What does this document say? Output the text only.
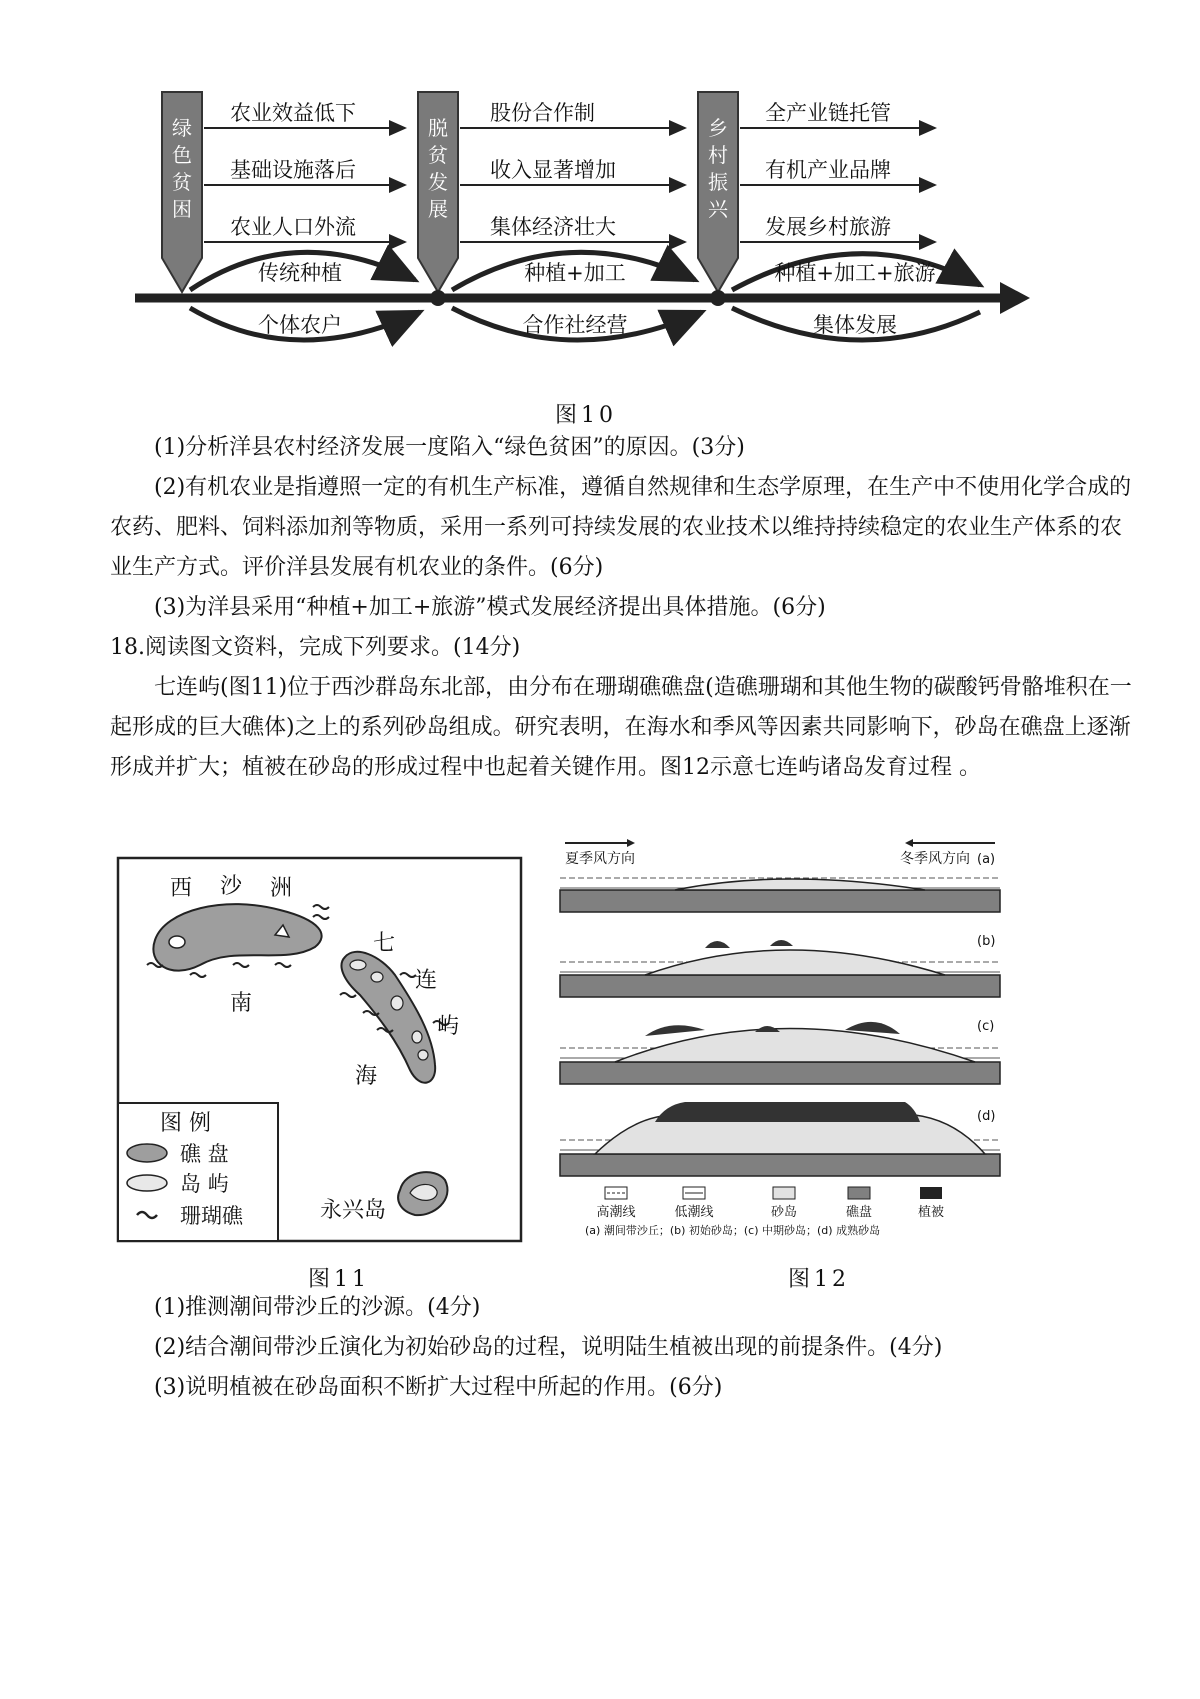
绿
色
贫
困
脱
贫
发
展
乡
村
振
兴
农业效益低下
基础设施落后
农业人口外流
股份合作制
收入显著增加
集体经济壮大
全产业链托管
有机产业品牌
发展乡村旅游
传统种植
个体农户
种植+加工
合作社经营
种植+加工+旅游
集体发展
图10
(1)分析洋县农村经济发展一度陷入“绿色贫困”的原因。(3分)
(2)有机农业是指遵照一定的有机生产标准，遵循自然规律和生态学原理，在生产中不使用化学合成的农药、肥料、饲料添加剂等物质，采用一系列可持续发展的农业技术以维持持续稳定的农业生产体系的农业生产方式。评价洋县发展有机农业的条件。(6分)
(3)为洋县采用“种植+加工+旅游”模式发展经济提出具体措施。(6分)
18.阅读图文资料，完成下列要求。(14分)
七连屿(图11)位于西沙群岛东北部，由分布在珊瑚礁礁盘(造礁珊瑚和其他生物的碳酸钙骨骼堆积在一起形成的巨大礁体)之上的系列砂岛组成。研究表明，在海水和季风等因素共同影响下，砂岛在礁盘上逐渐形成并扩大；植被在砂岛的形成过程中也起着关键作用。图12示意七连屿诸岛发育过程 。
西 沙 洲
七
连
屿
南
海
永兴岛
图 例
礁 盘
岛 屿
珊瑚礁
夏季风方向	冬季风方向 (a)
(b)
(c)
(d)
高潮线	低潮线	砂岛	礁盘	植被
(a) 潮间带沙丘；(b) 初始砂岛；(c) 中期砂岛；(d) 成熟砂岛
图11	图12
(1)推测潮间带沙丘的沙源。(4分)
(2)结合潮间带沙丘演化为初始砂岛的过程，说明陆生植被出现的前提条件。(4分)
(3)说明植被在砂岛面积不断扩大过程中所起的作用。(6分)
